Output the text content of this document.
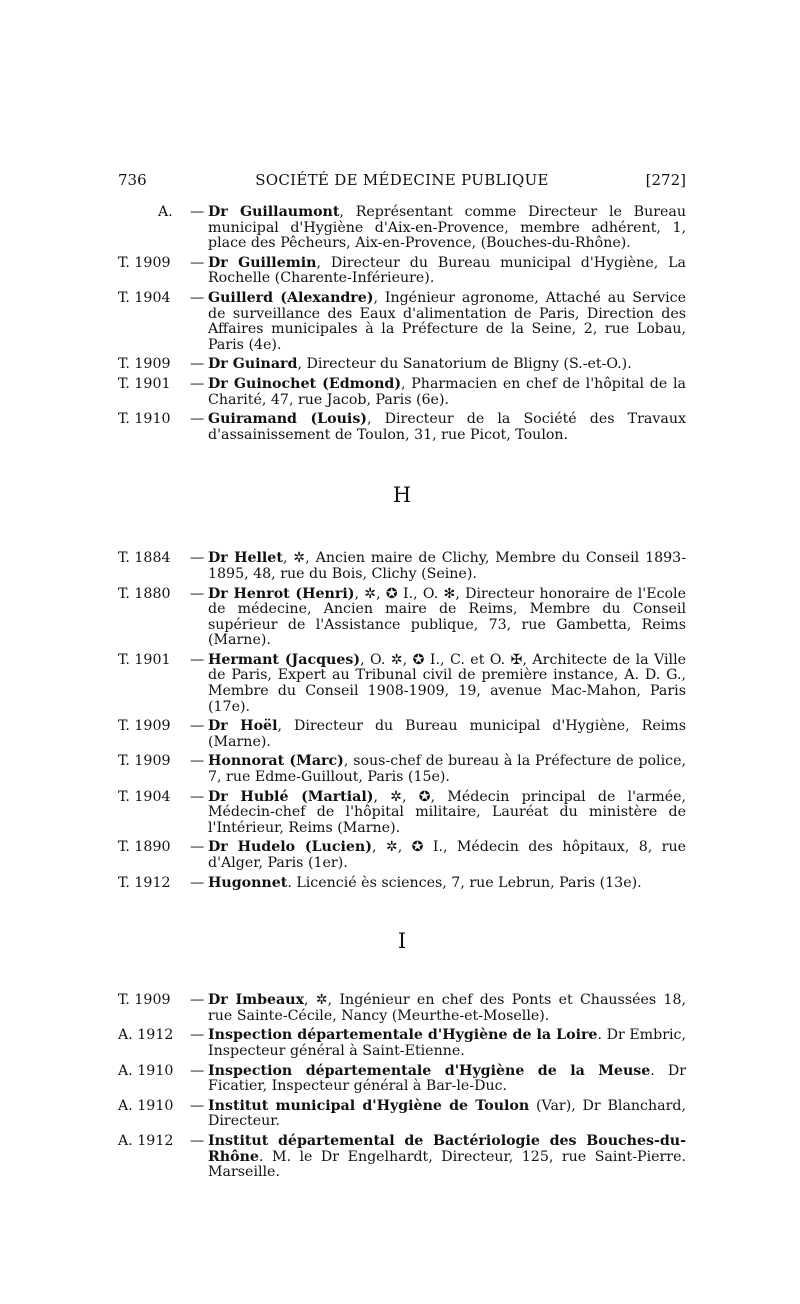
736	SOCIÉTÉ DE MÉDECINE PUBLIQUE	[272]
A.	— Dr Guillaumont, Représentant comme Directeur le Bureau municipal d'Hygiène d'Aix-en-Provence, membre adhérent, 1, place des Pêcheurs, Aix-en-Provence, (Bouches-du-Rhône).
T. 1909	— Dr Guillemin, Directeur du Bureau municipal d'Hygiène, La Rochelle (Charente-Inférieure).
T. 1904	— Guillerd (Alexandre), Ingénieur agronome, Attaché au Service de surveillance des Eaux d'alimentation de Paris, Direction des Affaires municipales à la Préfecture de la Seine, 2, rue Lobau, Paris (4e).
T. 1909	— Dr Guinard, Directeur du Sanatorium de Bligny (S.-et-O.).
T. 1901	— Dr Guinochet (Edmond), Pharmacien en chef de l'hôpital de la Charité, 47, rue Jacob, Paris (6e).
T. 1910	— Guiramand (Louis), Directeur de la Société des Travaux d'assainissement de Toulon, 31, rue Picot, Toulon.
H
T. 1884	— Dr Hellet, ✲, Ancien maire de Clichy, Membre du Conseil 1893-1895, 48, rue du Bois, Clichy (Seine).
T. 1880	— Dr Henrot (Henri), ✲, ✪ I., O. ✻, Directeur honoraire de l'Ecole de médecine, Ancien maire de Reims, Membre du Conseil supérieur de l'Assistance publique, 73, rue Gambetta, Reims (Marne).
T. 1901	— Hermant (Jacques), O. ✲, ✪ I., C. et O. ✠, Architecte de la Ville de Paris, Expert au Tribunal civil de première instance, A. D. G., Membre du Conseil 1908-1909, 19, avenue Mac-Mahon, Paris (17e).
T. 1909	— Dr Hoël, Directeur du Bureau municipal d'Hygiène, Reims (Marne).
T. 1909	— Honnorat (Marc), sous-chef de bureau à la Préfecture de police, 7, rue Edme-Guillout, Paris (15e).
T. 1904	— Dr Hublé (Martial), ✲, ✪, Médecin principal de l'armée, Médecin-chef de l'hôpital militaire, Lauréat du ministère de l'Intérieur, Reims (Marne).
T. 1890	— Dr Hudelo (Lucien), ✲, ✪ I., Médecin des hôpitaux, 8, rue d'Alger, Paris (1er).
T. 1912	— Hugonnet. Licencié ès sciences, 7, rue Lebrun, Paris (13e).
I
T. 1909	— Dr Imbeaux, ✲, Ingénieur en chef des Ponts et Chaussées 18, rue Sainte-Cécile, Nancy (Meurthe-et-Moselle).
A. 1912	— Inspection départementale d'Hygiène de la Loire. Dr Embric, Inspecteur général à Saint-Etienne.
A. 1910	— Inspection départementale d'Hygiène de la Meuse. Dr Ficatier, Inspecteur général à Bar-le-Duc.
A. 1910	— Institut municipal d'Hygiène de Toulon (Var), Dr Blanchard, Directeur.
A. 1912	— Institut départemental de Bactériologie des Bouches-du-Rhône. M. le Dr Engelhardt, Directeur, 125, rue Saint-Pierre. Marseille.
